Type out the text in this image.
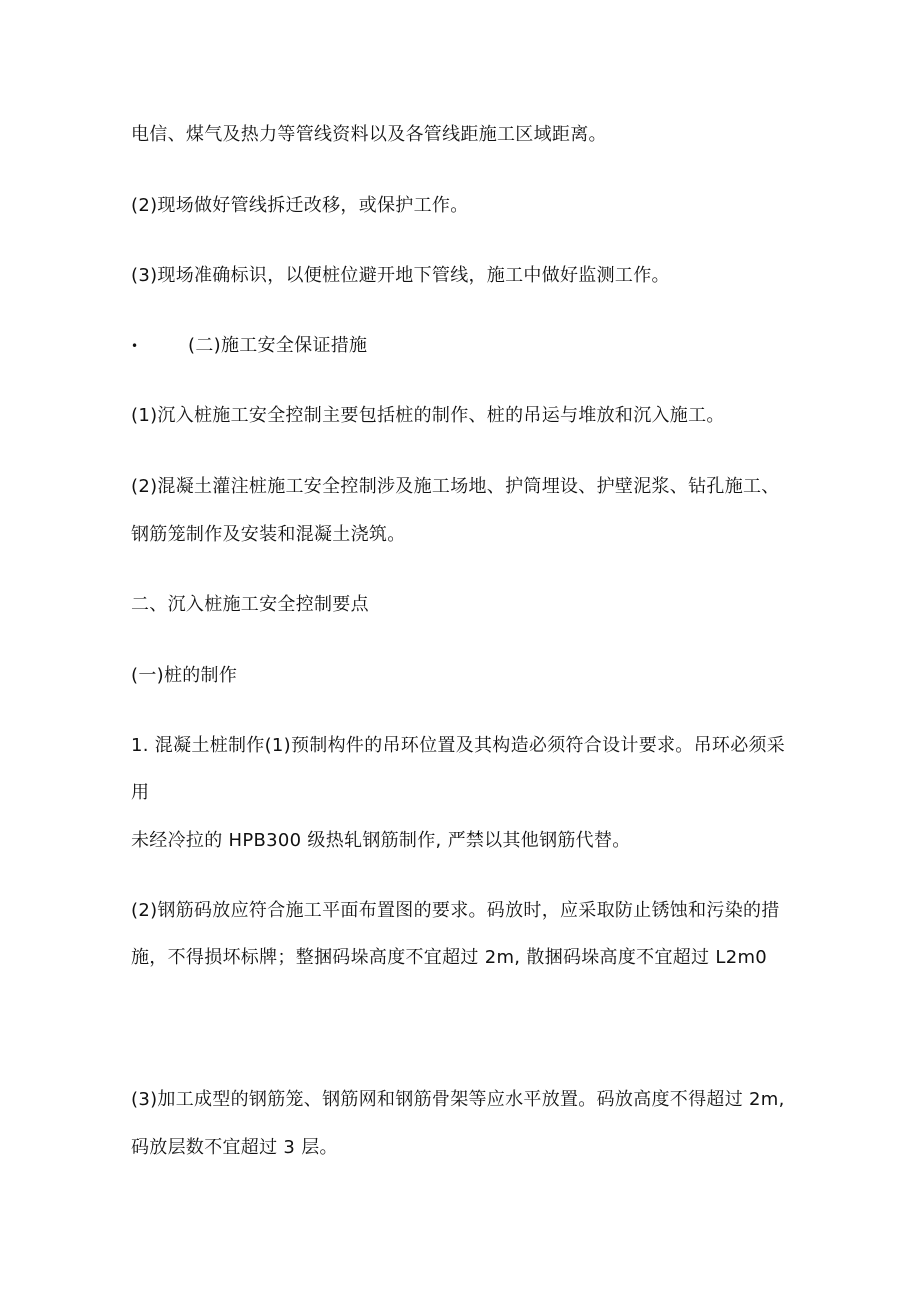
电信、煤气及热力等管线资料以及各管线距施工区域距离。
(2)现场做好管线拆迁改移，或保护工作。
(3)现场准确标识，以便桩位避开地下管线，施工中做好监测工作。
•	(二)施工安全保证措施
(1)沉入桩施工安全控制主要包括桩的制作、桩的吊运与堆放和沉入施工。
(2)混凝土灌注桩施工安全控制涉及施工场地、护筒埋设、护壁泥浆、钻孔施工、
钢筋笼制作及安装和混凝土浇筑。
二、沉入桩施工安全控制要点
(一)桩的制作
1. 混凝土桩制作(1)预制构件的吊环位置及其构造必须符合设计要求。吊环必须采
用
未经冷拉的 HPB300 级热轧钢筋制作, 严禁以其他钢筋代替。
(2)钢筋码放应符合施工平面布置图的要求。码放时，应采取防止锈蚀和污染的措
施，不得损坏标牌；整捆码垛高度不宜超过 2m, 散捆码垛高度不宜超过 L2m0
(3)加工成型的钢筋笼、钢筋网和钢筋骨架等应水平放置。码放高度不得超过 2m,
码放层数不宜超过 3 层。
